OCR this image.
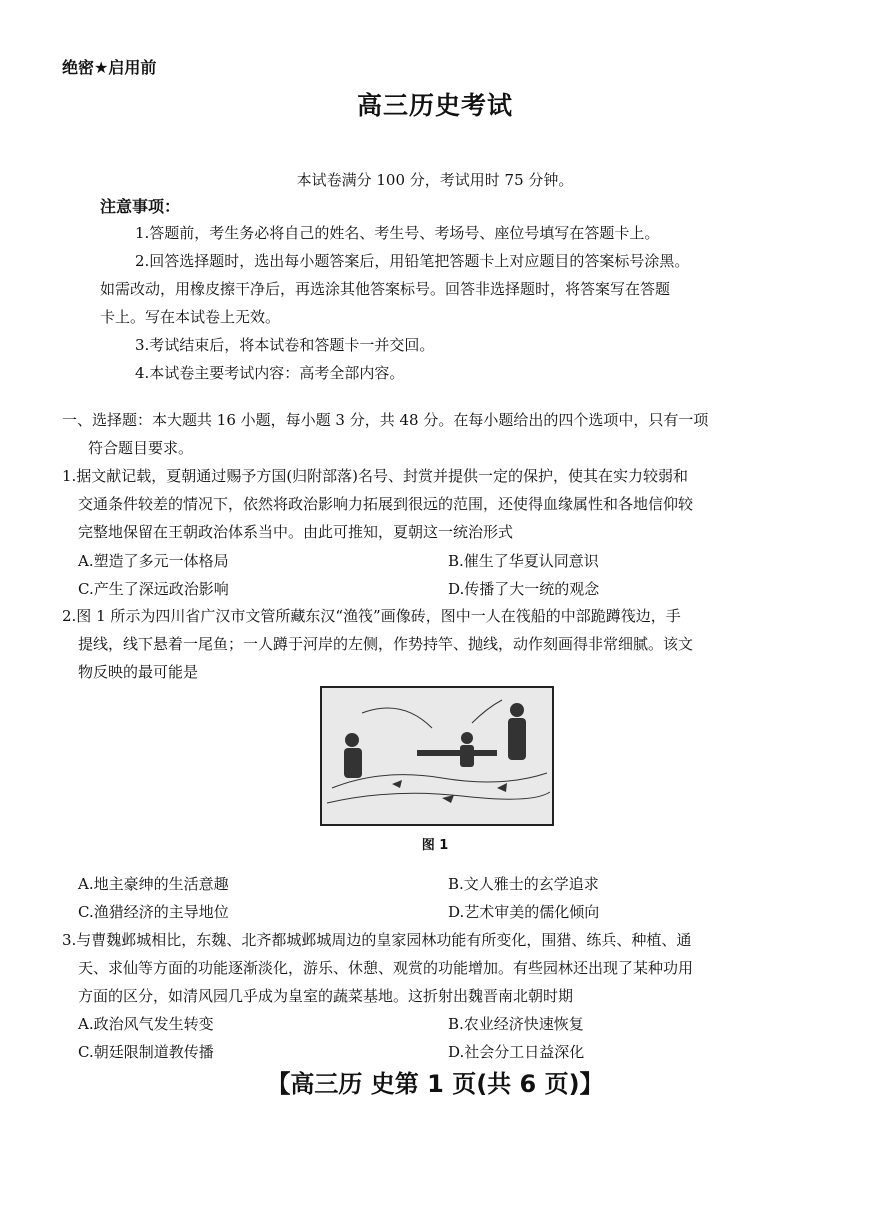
绝密★启用前
高三历史考试
本试卷满分 100 分，考试用时 75 分钟。
注意事项：
1.答题前，考生务必将自己的姓名、考生号、考场号、座位号填写在答题卡上。
2.回答选择题时，选出每小题答案后，用铅笔把答题卡上对应题目的答案标号涂黑。
如需改动，用橡皮擦干净后，再选涂其他答案标号。回答非选择题时，将答案写在答题
卡上。写在本试卷上无效。
3.考试结束后，将本试卷和答题卡一并交回。
4.本试卷主要考试内容：高考全部内容。
一、选择题：本大题共 16 小题，每小题 3 分，共 48 分。在每小题给出的四个选项中，只有一项
符合题目要求。
1.据文献记载，夏朝通过赐予方国(归附部落)名号、封赏并提供一定的保护，使其在实力较弱和
交通条件较差的情况下，依然将政治影响力拓展到很远的范围，还使得血缘属性和各地信仰较
完整地保留在王朝政治体系当中。由此可推知，夏朝这一统治形式
A.塑造了多元一体格局	B.催生了华夏认同意识
C.产生了深远政治影响	D.传播了大一统的观念
2.图 1 所示为四川省广汉市文管所藏东汉“渔筏”画像砖，图中一人在筏船的中部跪蹲筏边，手
提线，线下悬着一尾鱼；一人蹲于河岸的左侧，作势持竿、抛线，动作刻画得非常细腻。该文
物反映的最可能是
图 1
A.地主豪绅的生活意趣	B.文人雅士的玄学追求
C.渔猎经济的主导地位	D.艺术审美的儒化倾向
3.与曹魏邺城相比，东魏、北齐都城邺城周边的皇家园林功能有所变化，围猎、练兵、种植、通
天、求仙等方面的功能逐渐淡化，游乐、休憩、观赏的功能增加。有些园林还出现了某种功用
方面的区分，如清风园几乎成为皇室的蔬菜基地。这折射出魏晋南北朝时期
A.政治风气发生转变	B.农业经济快速恢复
C.朝廷限制道教传播	D.社会分工日益深化
【高三历 史第 1 页(共 6 页)】
